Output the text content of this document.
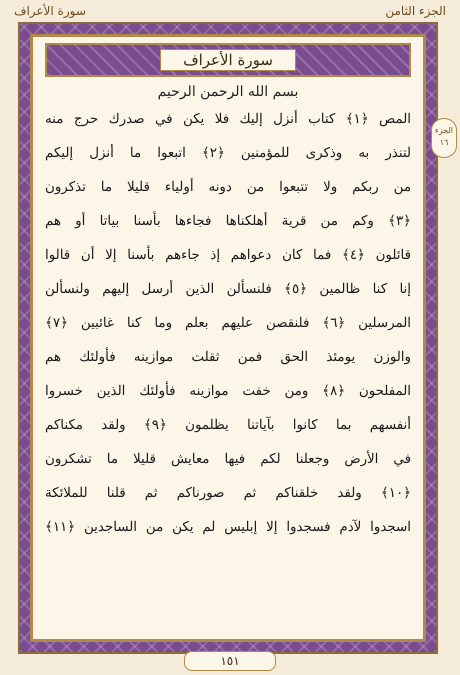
الجزء الثامن
سورة الأعراف
سورة الأعراف
بسم الله الرحمن الرحيم
المص ﴿١﴾ كتاب أنزل إليك فلا يكن في صدرك حرج منه
لتنذر به وذكرى للمؤمنين ﴿٢﴾ اتبعوا ما أنزل إليكم
من ربكم ولا تتبعوا من دونه أولياء قليلا ما تذكرون
﴿٣﴾ وكم من قرية أهلكناها فجاءها بأسنا بياتا أو هم
قائلون ﴿٤﴾ فما كان دعواهم إذ جاءهم بأسنا إلا أن قالوا
إنا كنا ظالمين ﴿٥﴾ فلنسألن الذين أرسل إليهم ولنسألن
المرسلين ﴿٦﴾ فلنقصن عليهم بعلم وما كنا غائبين ﴿٧﴾
والوزن يومئذ الحق فمن ثقلت موازينه فأولئك هم
المفلحون ﴿٨﴾ ومن خفت موازينه فأولئك الذين خسروا
أنفسهم بما كانوا بآياتنا يظلمون ﴿٩﴾ ولقد مكناكم
في الأرض وجعلنا لكم فيها معايش قليلا ما تشكرون
﴿١٠﴾ ولقد خلقناكم ثم صورناكم ثم قلنا للملائكة
اسجدوا لآدم فسجدوا إلا إبليس لم يكن من الساجدين ﴿١١﴾
الجزء
١٦
١٥١
